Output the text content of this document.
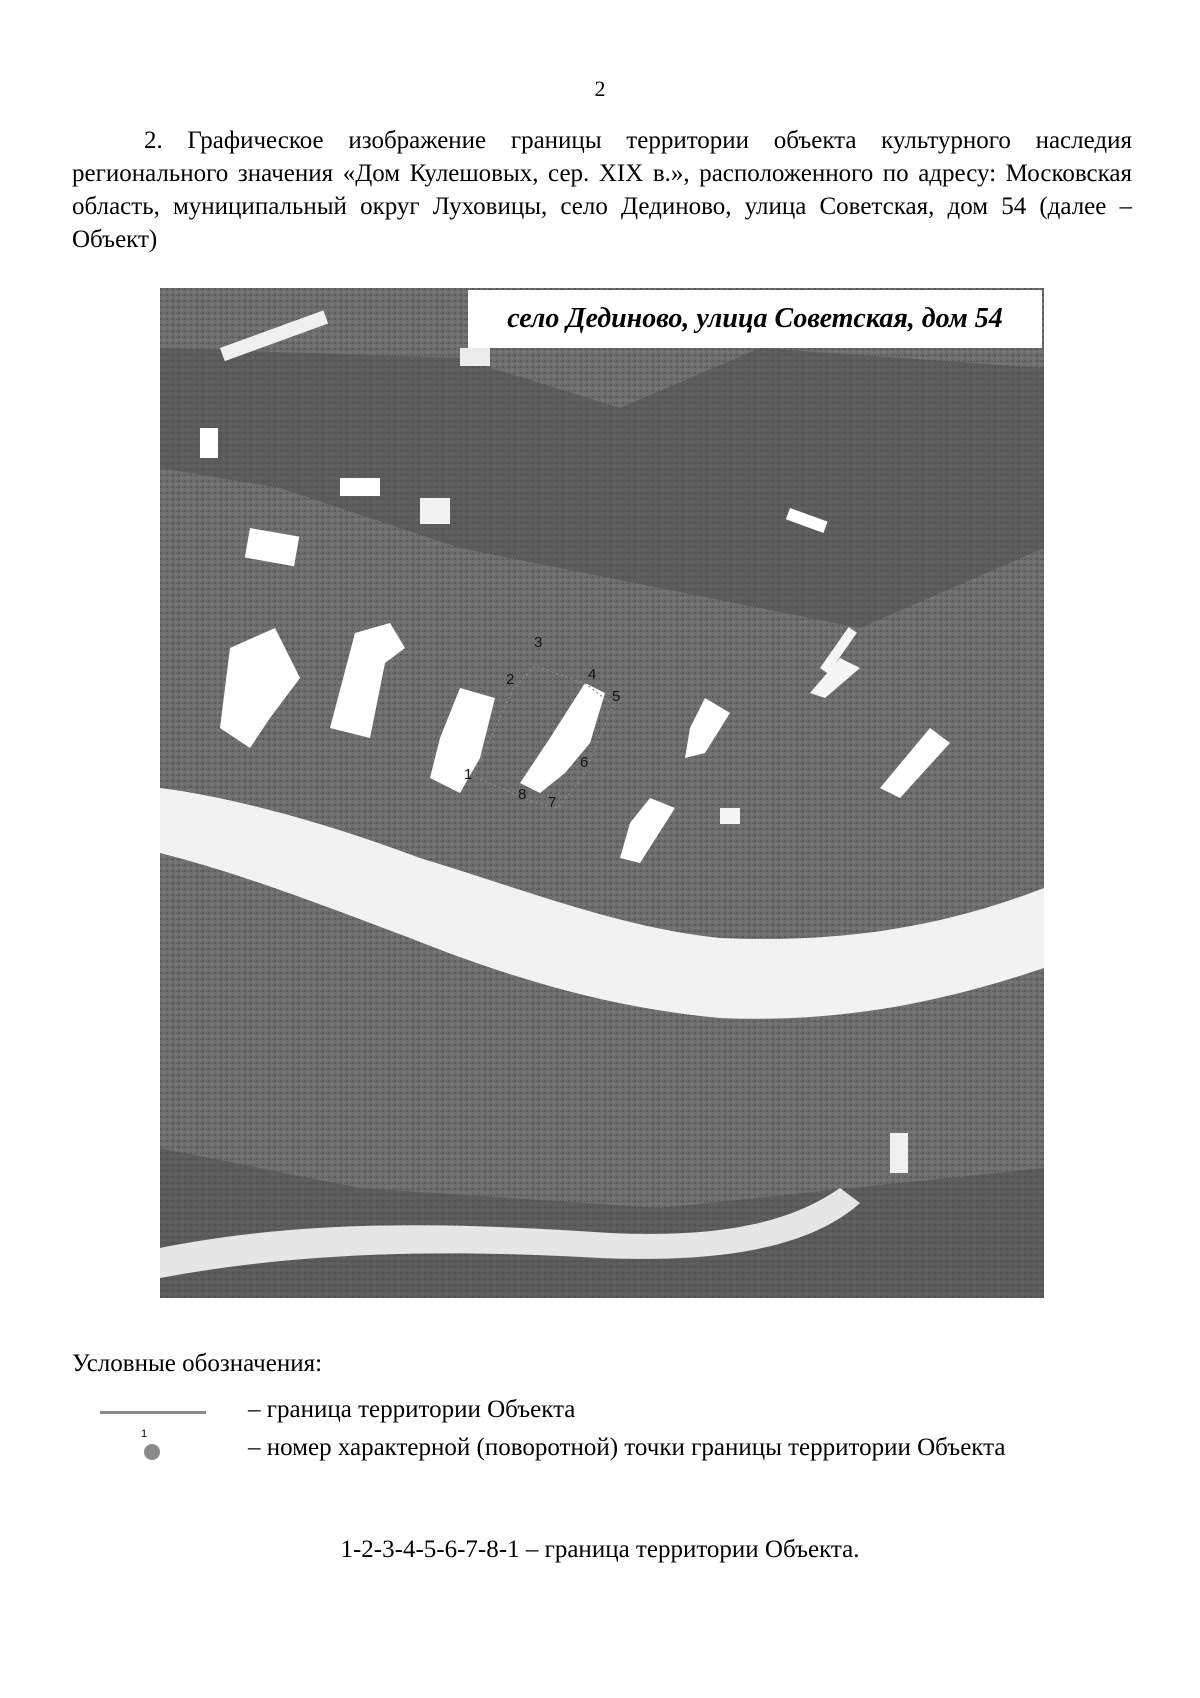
2

2. Графическое изображение границы территории объекта культурного наследия регионального значения «Дом Кулешовых, сер. XIX в.», расположенного по адресу: Московская область, муниципальный округ Луховицы, село Дединово, улица Советская, дом 54 (далее – Объект)

село Дединово, улица Советская, дом 54
3
2	4
5
1
6
8 7
Условные обозначения:
– граница территории Объекта
1	– номер характерной (поворотной) точки границы территории Объекта
1-2-3-4-5-6-7-8-1 – граница территории Объекта.
